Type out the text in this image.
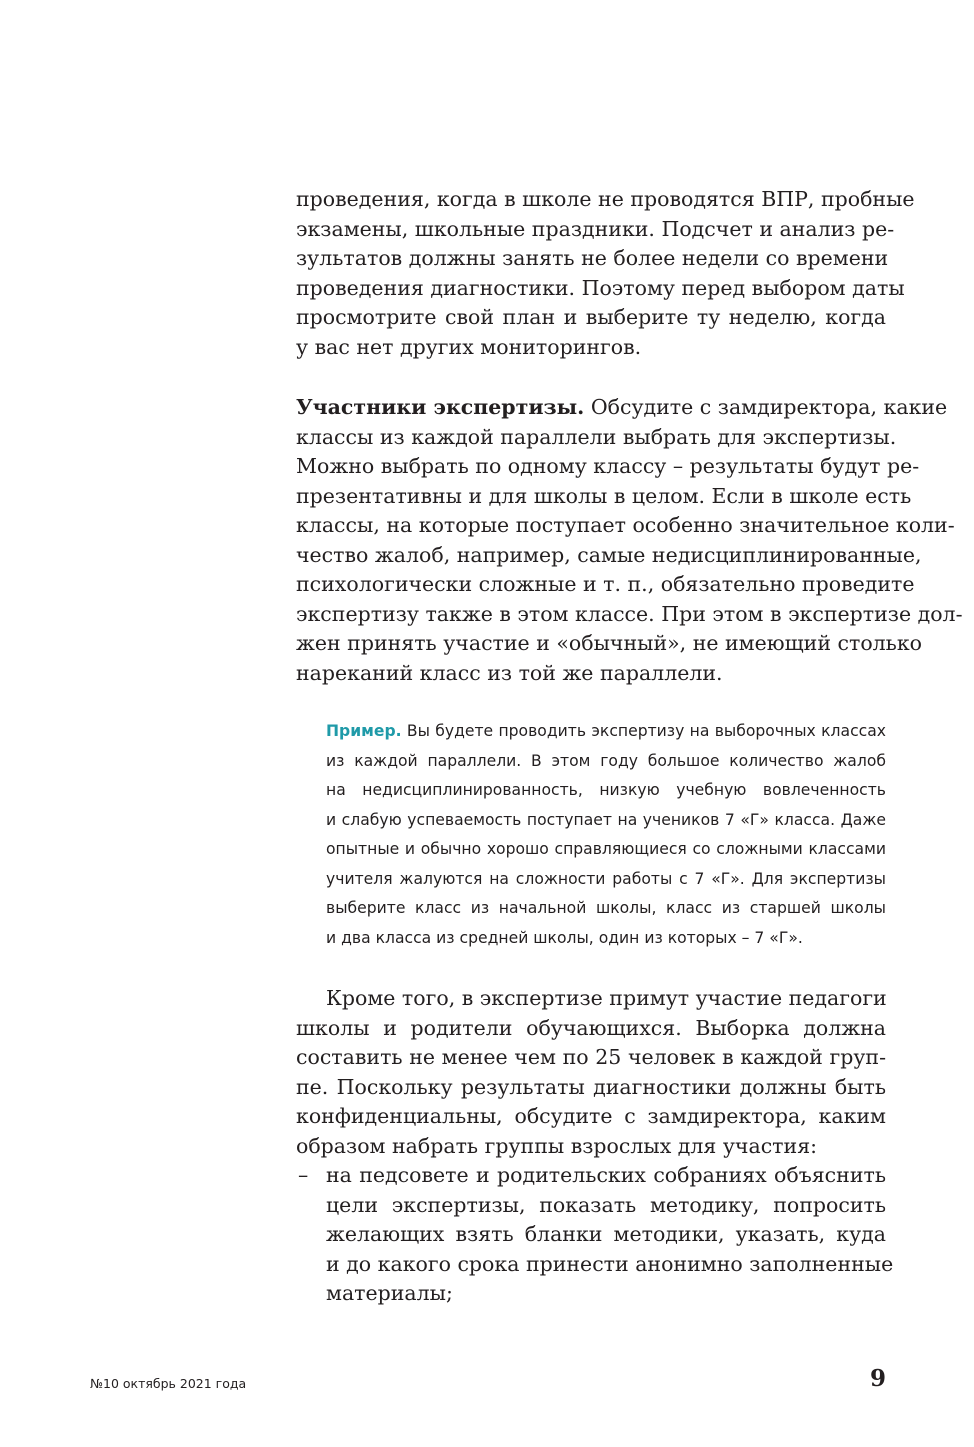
проведения, когда в школе не проводятся ВПР, пробные

экзамены, школьные праздники. Подсчет и анализ ре-

зультатов должны занять не более недели со времени

проведения диагностики. Поэтому перед выбором даты

просмотрите свой план и выберите ту неделю, когда

у вас нет других мониторингов.

Участники экспертизы. Обсудите с замдиректора, какие

классы из каждой параллели выбрать для экспертизы.

Можно выбрать по одному классу – результаты будут ре-

презентативны и для школы в целом. Если в школе есть

классы, на которые поступает особенно значительное коли-

чество жалоб, например, самые недисциплинированные,

психологически сложные и т. п., обязательно проведите

экспертизу также в этом классе. При этом в экспертизе дол-

жен принять участие и «обычный», не имеющий столько

нареканий класс из той же параллели.

Пример. Вы будете проводить экспертизу на выборочных классах

из каждой параллели. В этом году большое количество жалоб

на недисциплинированность, низкую учебную вовлеченность

и слабую успеваемость поступает на учеников 7 «Г» класса. Даже

опытные и обычно хорошо справляющиеся со сложными классами

учителя жалуются на сложности работы с 7 «Г». Для экспертизы

выберите класс из начальной школы, класс из старшей школы

и два класса из средней школы, один из которых – 7 «Г».

Кроме того, в экспертизе примут участие педагоги

школы и родители обучающихся. Выборка должна

составить не менее чем по 25 человек в каждой груп-

пе. Поскольку результаты диагностики должны быть

конфиденциальны, обсудите с замдиректора, каким

образом набрать группы взрослых для участия:

– на педсовете и родительских собраниях объяснить

цели экспертизы, показать методику, попросить

желающих взять бланки методики, указать, куда

и до какого срока принести анонимно заполненные

материалы;

№10 октябрь 2021 года	9
